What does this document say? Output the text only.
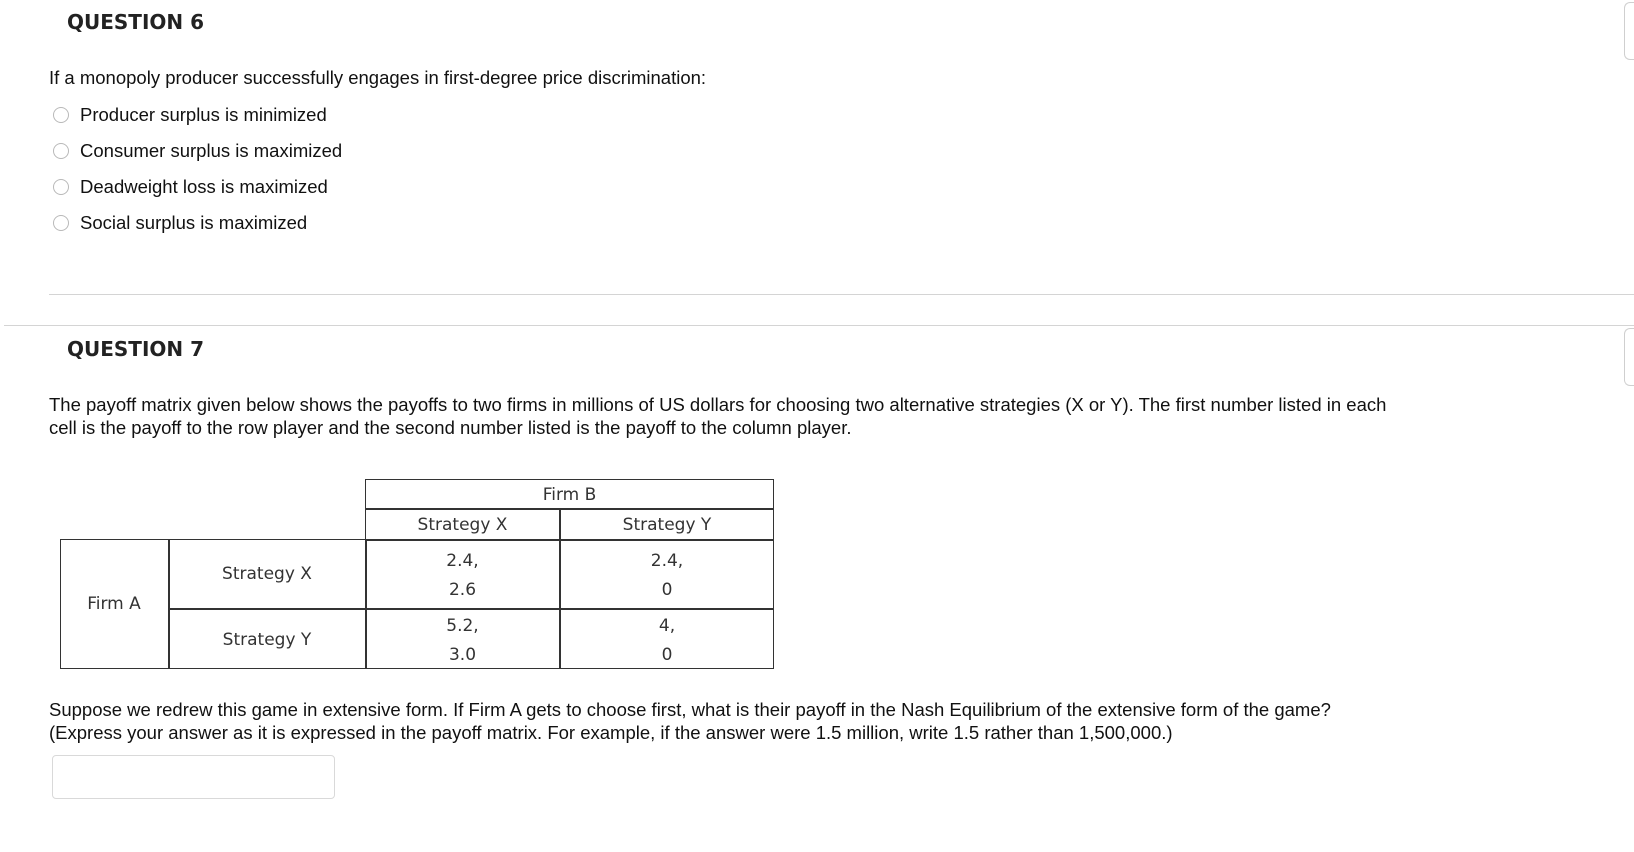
QUESTION 6

If a monopoly producer successfully engages in first-degree price discrimination:

Producer surplus is minimized
Consumer surplus is maximized
Deadweight loss is maximized
Social surplus is maximized
QUESTION 7

The payoff matrix given below shows the payoffs to two firms in millions of US dollars for choosing two alternative strategies (X or Y). The first number listed in each

cell is the payoff to the row player and the second number listed is the payoff to the column player.

Firm B
Strategy X	Strategy Y
Firm A
Strategy X
Strategy Y
2.4,
2.6
2.4,
0
5.2,
3.0
4,
0

Suppose we redrew this game in extensive form. If Firm A gets to choose first, what is their payoff in the Nash Equilibrium of the extensive form of the game?

(Express your answer as it is expressed in the payoff matrix. For example, if the answer were 1.5 million, write 1.5 rather than 1,500,000.)
